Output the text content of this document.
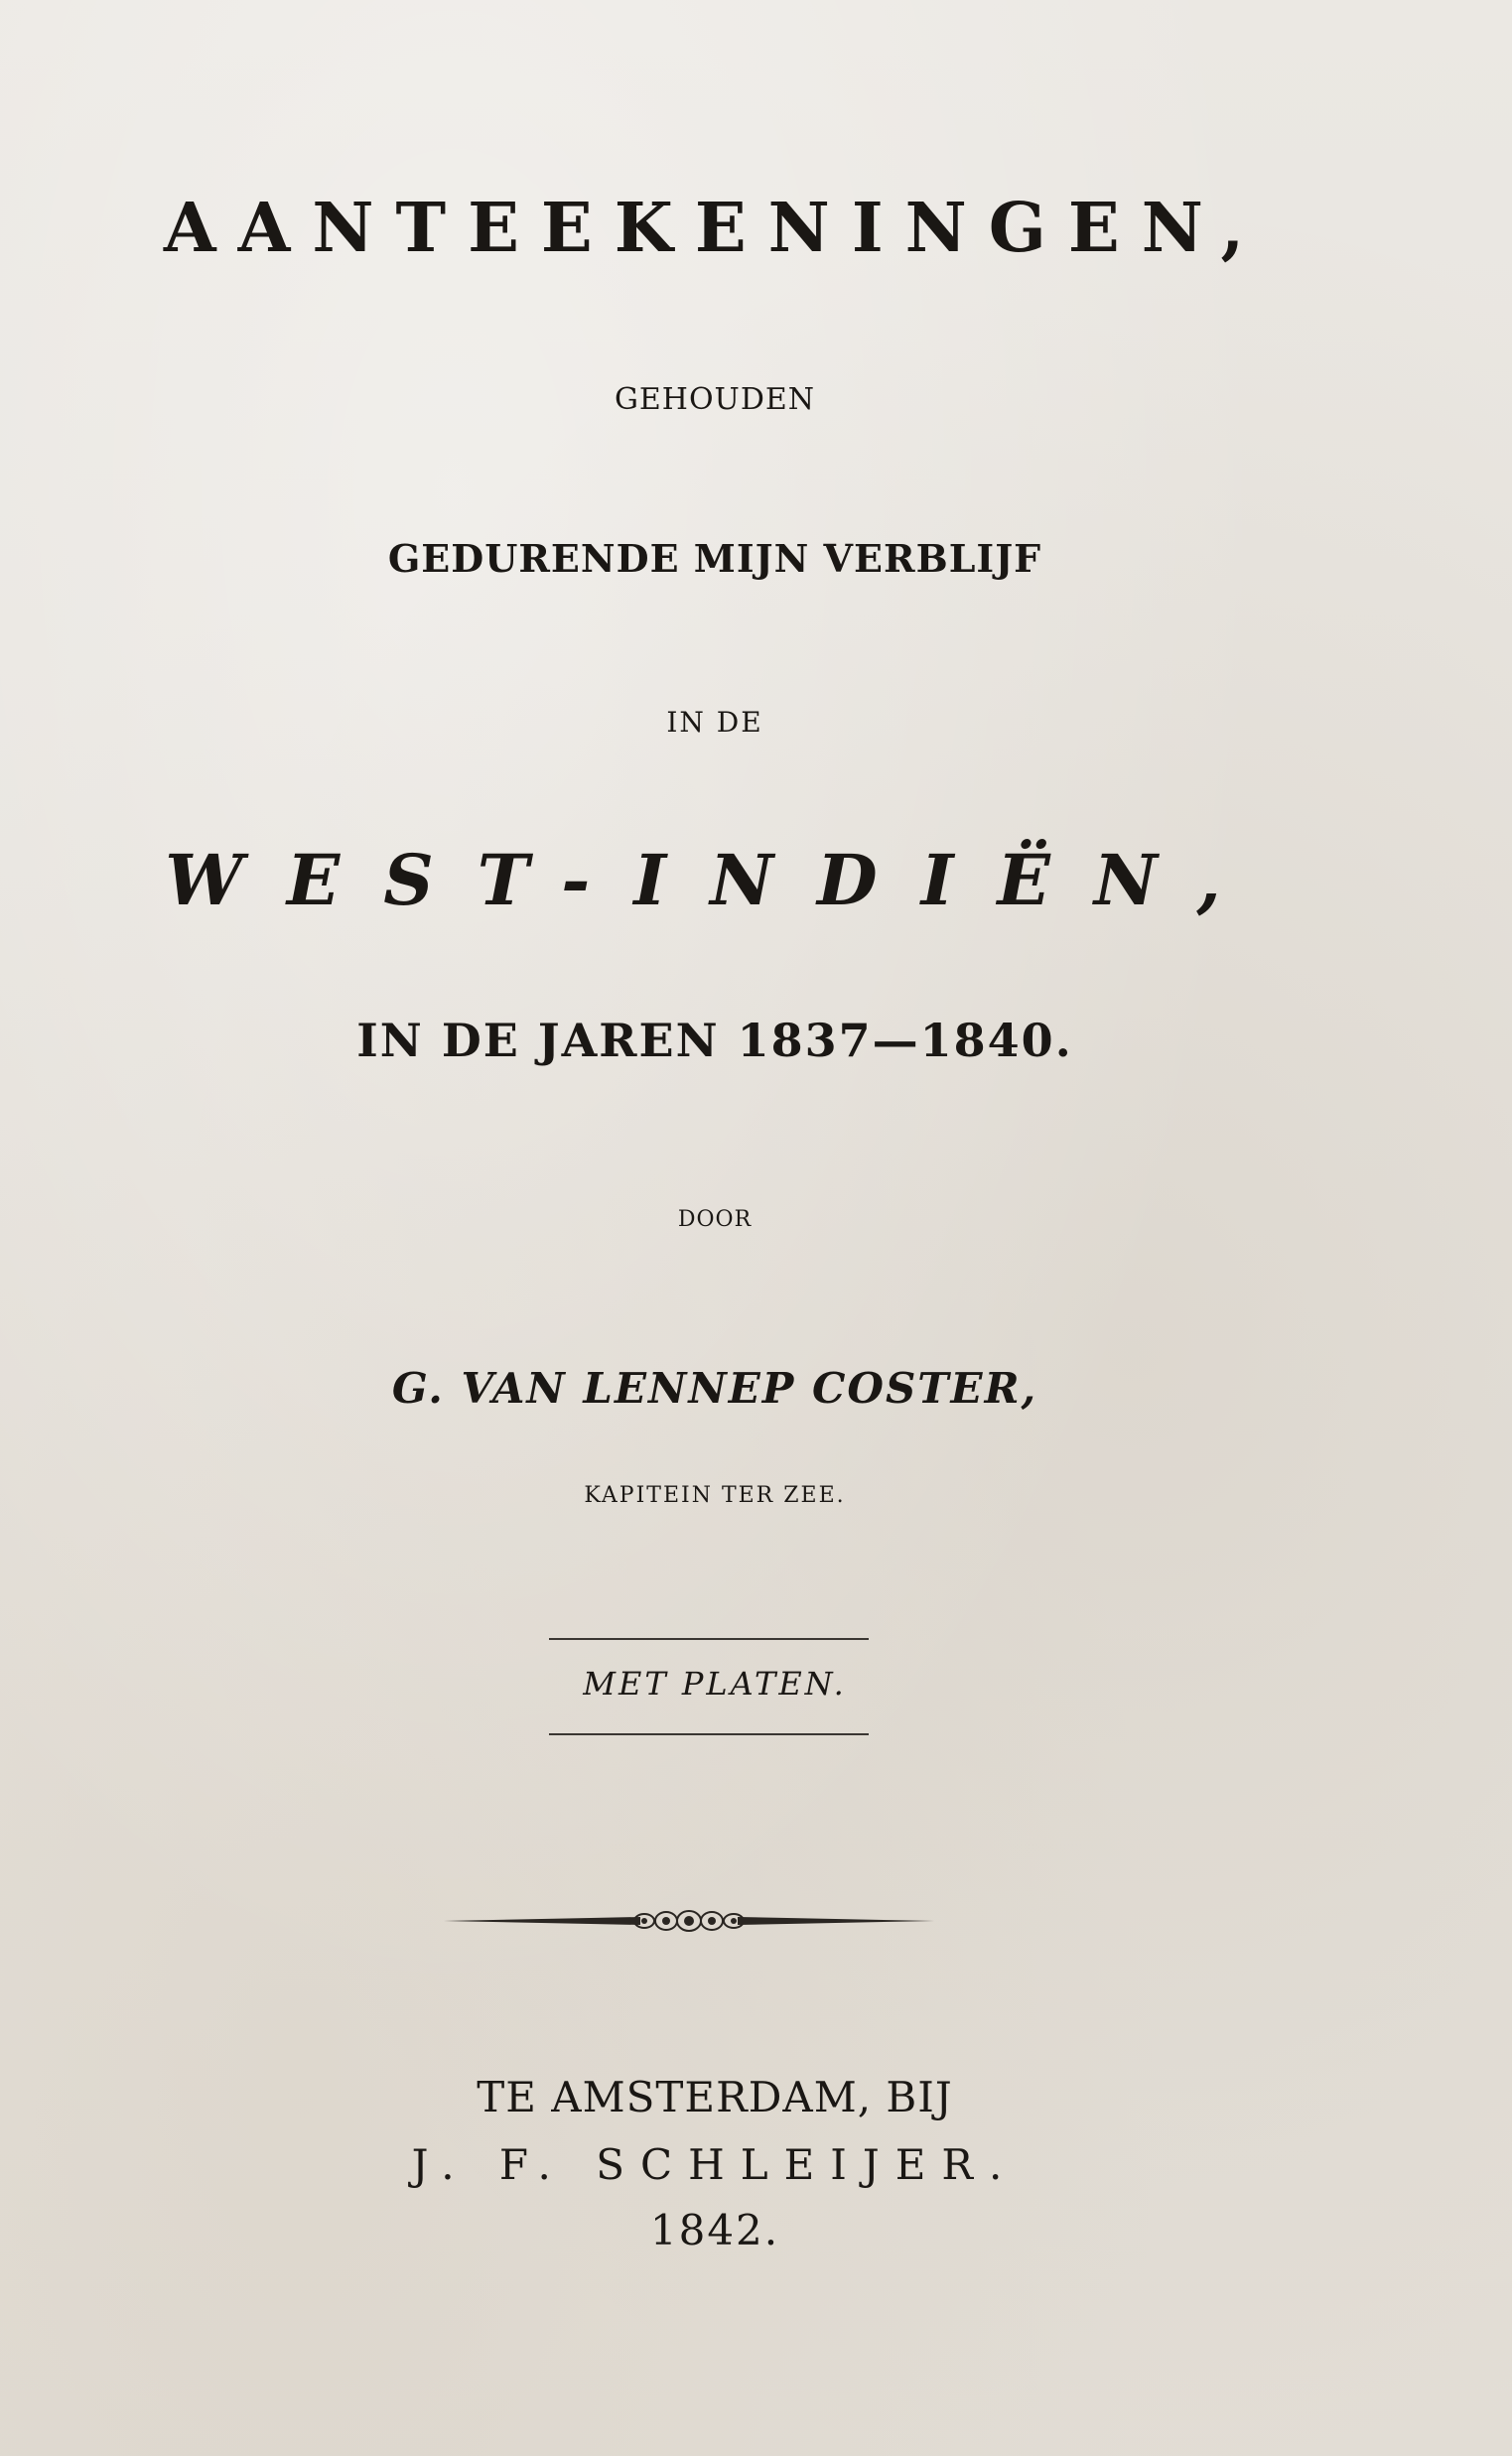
AANTEEKENINGEN,
GEHOUDEN
GEDURENDE MIJN VERBLIJF
IN DE
WEST-INDIËN,
IN DE JAREN 1837—1840.
DOOR
G. VAN LENNEP COSTER,
KAPITEIN TER ZEE.
MET PLATEN.
TE AMSTERDAM, BIJ
J. F. SCHLEIJER.
1842.
